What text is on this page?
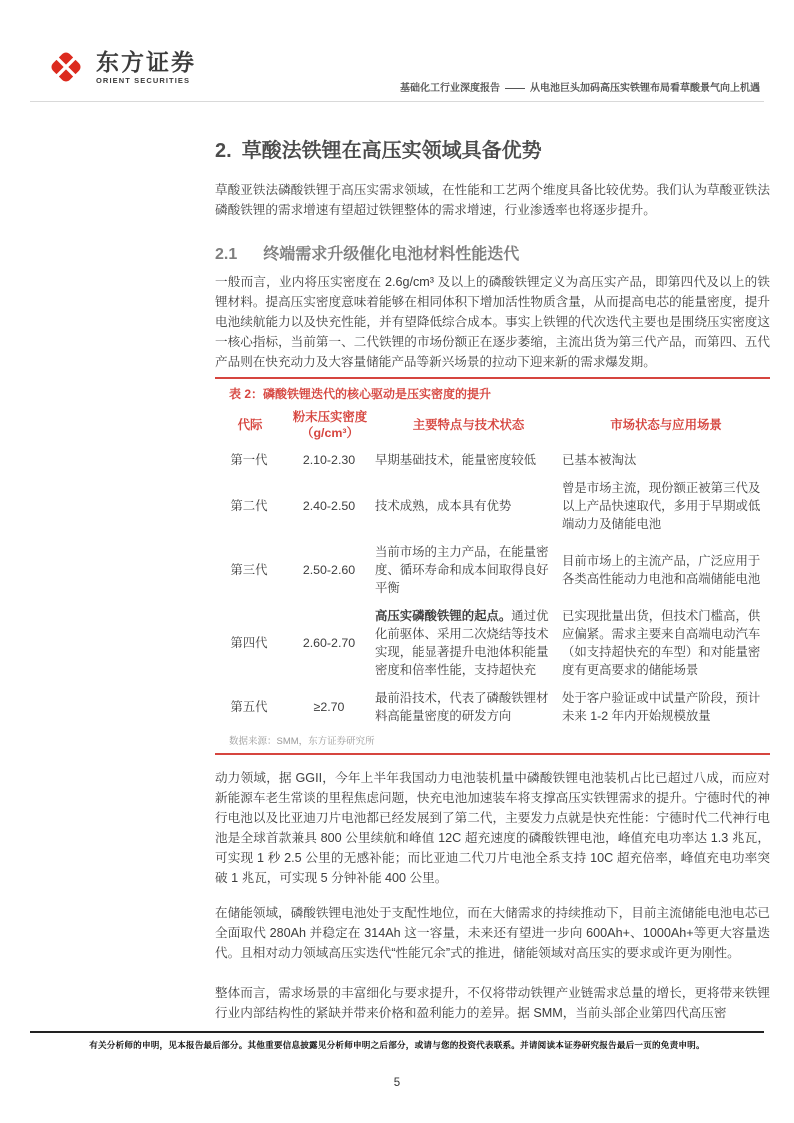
东方证券
ORIENT SECURITIES
基础化工行业深度报告 —— 从电池巨头加码高压实铁锂布局看草酸景气向上机遇
2. 草酸法铁锂在高压实领域具备优势
草酸亚铁法磷酸铁锂于高压实需求领域，在性能和工艺两个维度具备比较优势。我们认为草酸亚铁法磷酸铁锂的需求增速有望超过铁锂整体的需求增速，行业渗透率也将逐步提升。
2.1 终端需求升级催化电池材料性能迭代
一般而言，业内将压实密度在 2.6g/cm³ 及以上的磷酸铁锂定义为高压实产品，即第四代及以上的铁锂材料。提高压实密度意味着能够在相同体积下增加活性物质含量，从而提高电芯的能量密度，提升电池续航能力以及快充性能，并有望降低综合成本。事实上铁锂的代次迭代主要也是围绕压实密度这一核心指标，当前第一、二代铁锂的市场份额正在逐步萎缩，主流出货为第三代产品，而第四、五代产品则在快充动力及大容量储能产品等新兴场景的拉动下迎来新的需求爆发期。
表 2：磷酸铁锂迭代的核心驱动是压实密度的提升
代际	粉末压实密度（g/cm³）	主要特点与技术状态	市场状态与应用场景
第一代	2.10-2.30	早期基础技术，能量密度较低	已基本被淘汰
第二代	2.40-2.50	技术成熟，成本具有优势	曾是市场主流，现份额正被第三代及以上产品快速取代，多用于早期或低端动力及储能电池
第三代	2.50-2.60	当前市场的主力产品，在能量密度、循环寿命和成本间取得良好平衡	目前市场上的主流产品，广泛应用于各类高性能动力电池和高端储能电池
第四代	2.60-2.70	高压实磷酸铁锂的起点。通过优化前驱体、采用二次烧结等技术实现，能显著提升电池体积能量密度和倍率性能，支持超快充	已实现批量出货，但技术门槛高，供应偏紧。需求主要来自高端电动汽车（如支持超快充的车型）和对能量密度有更高要求的储能场景
第五代	≥2.70	最前沿技术，代表了磷酸铁锂材料高能量密度的研发方向	处于客户验证或中试量产阶段，预计未来 1-2 年内开始规模放量
数据来源：SMM，东方证券研究所
动力领域，据 GGII，今年上半年我国动力电池装机量中磷酸铁锂电池装机占比已超过八成，而应对新能源车老生常谈的里程焦虑问题，快充电池加速装车将支撑高压实铁锂需求的提升。宁德时代的神行电池以及比亚迪刀片电池都已经发展到了第二代，主要发力点就是快充性能：宁德时代二代神行电池是全球首款兼具 800 公里续航和峰值 12C 超充速度的磷酸铁锂电池，峰值充电功率达 1.3 兆瓦，可实现 1 秒 2.5 公里的无感补能；而比亚迪二代刀片电池全系支持 10C 超充倍率，峰值充电功率突破 1 兆瓦，可实现 5 分钟补能 400 公里。
在储能领域，磷酸铁锂电池处于支配性地位，而在大储需求的持续推动下，目前主流储能电池电芯已全面取代 280Ah 并稳定在 314Ah 这一容量，未来还有望进一步向 600Ah+、1000Ah+等更大容量迭代。且相对动力领域高压实迭代“性能冗余”式的推进，储能领域对高压实的要求或许更为刚性。
整体而言，需求场景的丰富细化与要求提升，不仅将带动铁锂产业链需求总量的增长，更将带来铁锂行业内部结构性的紧缺并带来价格和盈利能力的差异。据 SMM，当前头部企业第四代高压密
有关分析师的申明，见本报告最后部分。其他重要信息披露见分析师申明之后部分，或请与您的投资代表联系。并请阅读本证券研究报告最后一页的免责申明。
5
